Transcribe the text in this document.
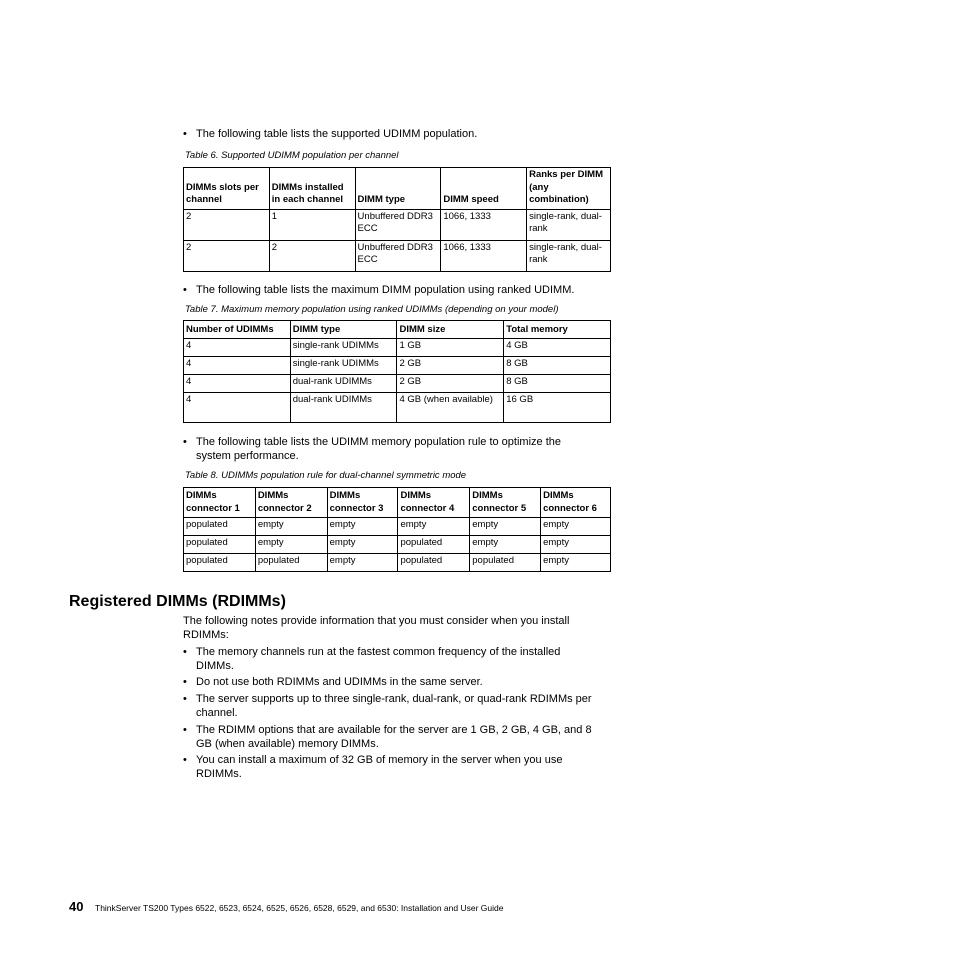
• The following table lists the supported UDIMM population.
Table 6. Supported UDIMM population per channel
DIMMs slots per channel	DIMMs installed in each channel	DIMM type	DIMM speed	Ranks per DIMM (any combination)
2	1	Unbuffered DDR3 ECC	1066, 1333	single-rank, dual-rank
2	2	Unbuffered DDR3 ECC	1066, 1333	single-rank, dual-rank
• The following table lists the maximum DIMM population using ranked UDIMM.
Table 7. Maximum memory population using ranked UDIMMs (depending on your model)
Number of UDIMMs	DIMM type	DIMM size	Total memory
4	single-rank UDIMMs	1 GB	4 GB
4	single-rank UDIMMs	2 GB	8 GB
4	dual-rank UDIMMs	2 GB	8 GB
4	dual-rank UDIMMs	4 GB (when available)	16 GB
• The following table lists the UDIMM memory population rule to optimize the system performance.
Table 8. UDIMMs population rule for dual-channel symmetric mode
DIMMs connector 1	DIMMs connector 2	DIMMs connector 3	DIMMs connector 4	DIMMs connector 5	DIMMs connector 6
populated	empty	empty	empty	empty	empty
populated	empty	empty	populated	empty	empty
populated	populated	empty	populated	populated	empty
Registered DIMMs (RDIMMs)
The following notes provide information that you must consider when you install RDIMMs:
• The memory channels run at the fastest common frequency of the installed DIMMs.
• Do not use both RDIMMs and UDIMMs in the same server.
• The server supports up to three single-rank, dual-rank, or quad-rank RDIMMs per channel.
• The RDIMM options that are available for the server are 1 GB, 2 GB, 4 GB, and 8 GB (when available) memory DIMMs.
• You can install a maximum of 32 GB of memory in the server when you use RDIMMs.
40 ThinkServer TS200 Types 6522, 6523, 6524, 6525, 6526, 6528, 6529, and 6530: Installation and User Guide
